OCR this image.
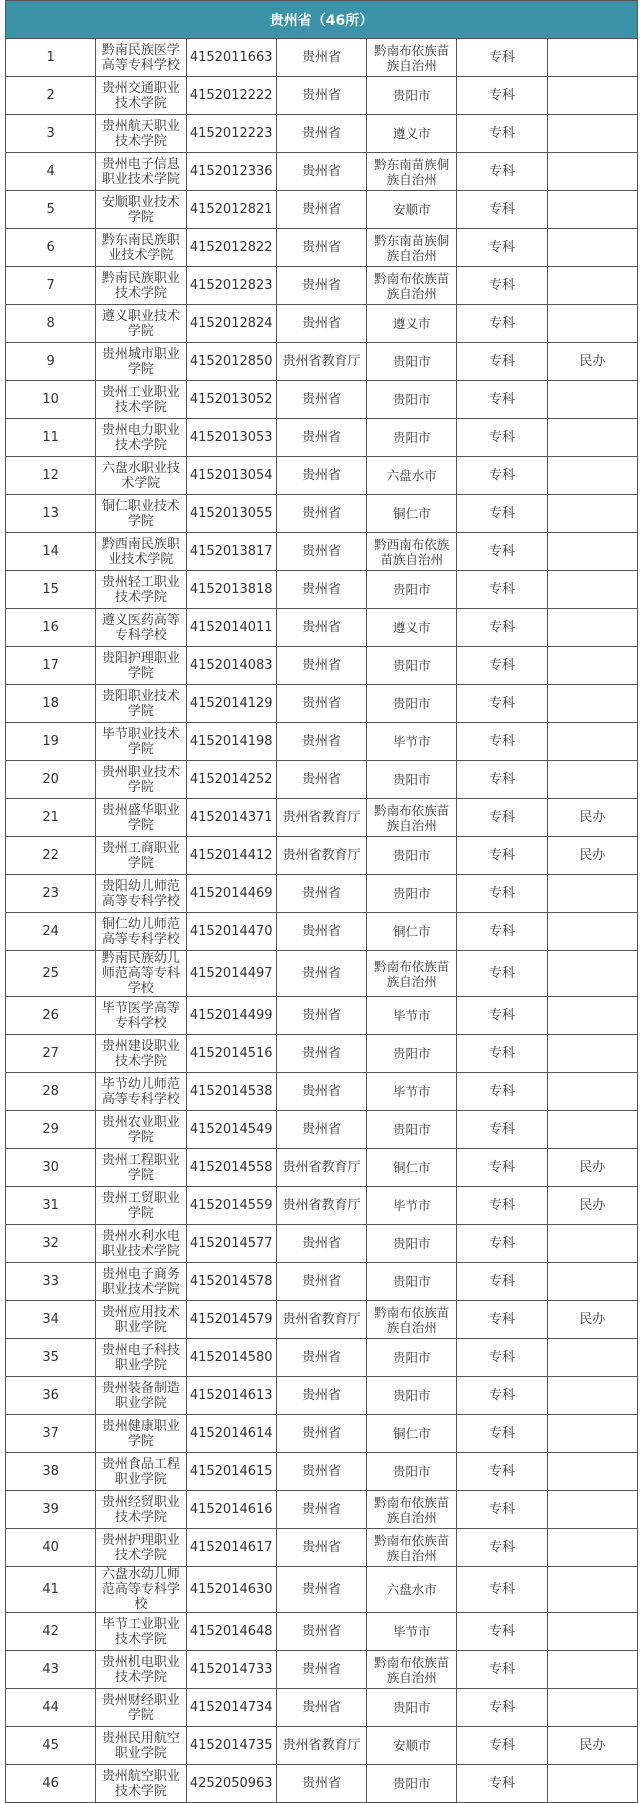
贵州省（46所）						
1	黔南民族医学高等专科学校	4152011663	贵州省	黔南布依族苗族自治州	专科	
2	贵州交通职业技术学院	4152012222	贵州省	贵阳市	专科	
3	贵州航天职业技术学院	4152012223	贵州省	遵义市	专科	
4	贵州电子信息职业技术学院	4152012336	贵州省	黔东南苗族侗族自治州	专科	
5	安顺职业技术学院	4152012821	贵州省	安顺市	专科	
6	黔东南民族职业技术学院	4152012822	贵州省	黔东南苗族侗族自治州	专科	
7	黔南民族职业技术学院	4152012823	贵州省	黔南布依族苗族自治州	专科	
8	遵义职业技术学院	4152012824	贵州省	遵义市	专科	
9	贵州城市职业学院	4152012850	贵州省教育厅	贵阳市	专科	民办
10	贵州工业职业技术学院	4152013052	贵州省	贵阳市	专科	
11	贵州电力职业技术学院	4152013053	贵州省	贵阳市	专科	
12	六盘水职业技术学院	4152013054	贵州省	六盘水市	专科	
13	铜仁职业技术学院	4152013055	贵州省	铜仁市	专科	
14	黔西南民族职业技术学院	4152013817	贵州省	黔西南布依族苗族自治州	专科	
15	贵州轻工职业技术学院	4152013818	贵州省	贵阳市	专科	
16	遵义医药高等专科学校	4152014011	贵州省	遵义市	专科	
17	贵阳护理职业学院	4152014083	贵州省	贵阳市	专科	
18	贵阳职业技术学院	4152014129	贵州省	贵阳市	专科	
19	毕节职业技术学院	4152014198	贵州省	毕节市	专科	
20	贵州职业技术学院	4152014252	贵州省	贵阳市	专科	
21	贵州盛华职业学院	4152014371	贵州省教育厅	黔南布依族苗族自治州	专科	民办
22	贵州工商职业学院	4152014412	贵州省教育厅	贵阳市	专科	民办
23	贵阳幼儿师范高等专科学校	4152014469	贵州省	贵阳市	专科	
24	铜仁幼儿师范高等专科学校	4152014470	贵州省	铜仁市	专科	
25	黔南民族幼儿师范高等专科学校	4152014497	贵州省	黔南布依族苗族自治州	专科	
26	毕节医学高等专科学校	4152014499	贵州省	毕节市	专科	
27	贵州建设职业技术学院	4152014516	贵州省	贵阳市	专科	
28	毕节幼儿师范高等专科学校	4152014538	贵州省	毕节市	专科	
29	贵州农业职业学院	4152014549	贵州省	贵阳市	专科	
30	贵州工程职业学院	4152014558	贵州省教育厅	铜仁市	专科	民办
31	贵州工贸职业学院	4152014559	贵州省教育厅	毕节市	专科	民办
32	贵州水利水电职业技术学院	4152014577	贵州省	贵阳市	专科	
33	贵州电子商务职业技术学院	4152014578	贵州省	贵阳市	专科	
34	贵州应用技术职业学院	4152014579	贵州省教育厅	黔南布依族苗族自治州	专科	民办
35	贵州电子科技职业学院	4152014580	贵州省	贵阳市	专科	
36	贵州装备制造职业学院	4152014613	贵州省	贵阳市	专科	
37	贵州健康职业学院	4152014614	贵州省	铜仁市	专科	
38	贵州食品工程职业学院	4152014615	贵州省	贵阳市	专科	
39	贵州经贸职业技术学院	4152014616	贵州省	黔南布依族苗族自治州	专科	
40	贵州护理职业技术学院	4152014617	贵州省	黔南布依族苗族自治州	专科	
41	六盘水幼儿师范高等专科学校	4152014630	贵州省	六盘水市	专科	
42	毕节工业职业技术学院	4152014648	贵州省	毕节市	专科	
43	贵州机电职业技术学院	4152014733	贵州省	黔南布依族苗族自治州	专科	
44	贵州财经职业学院	4152014734	贵州省	贵阳市	专科	
45	贵州民用航空职业学院	4152014735	贵州省教育厅	安顺市	专科	民办
46	贵州航空职业技术学院	4252050963	贵州省	贵阳市	专科	
